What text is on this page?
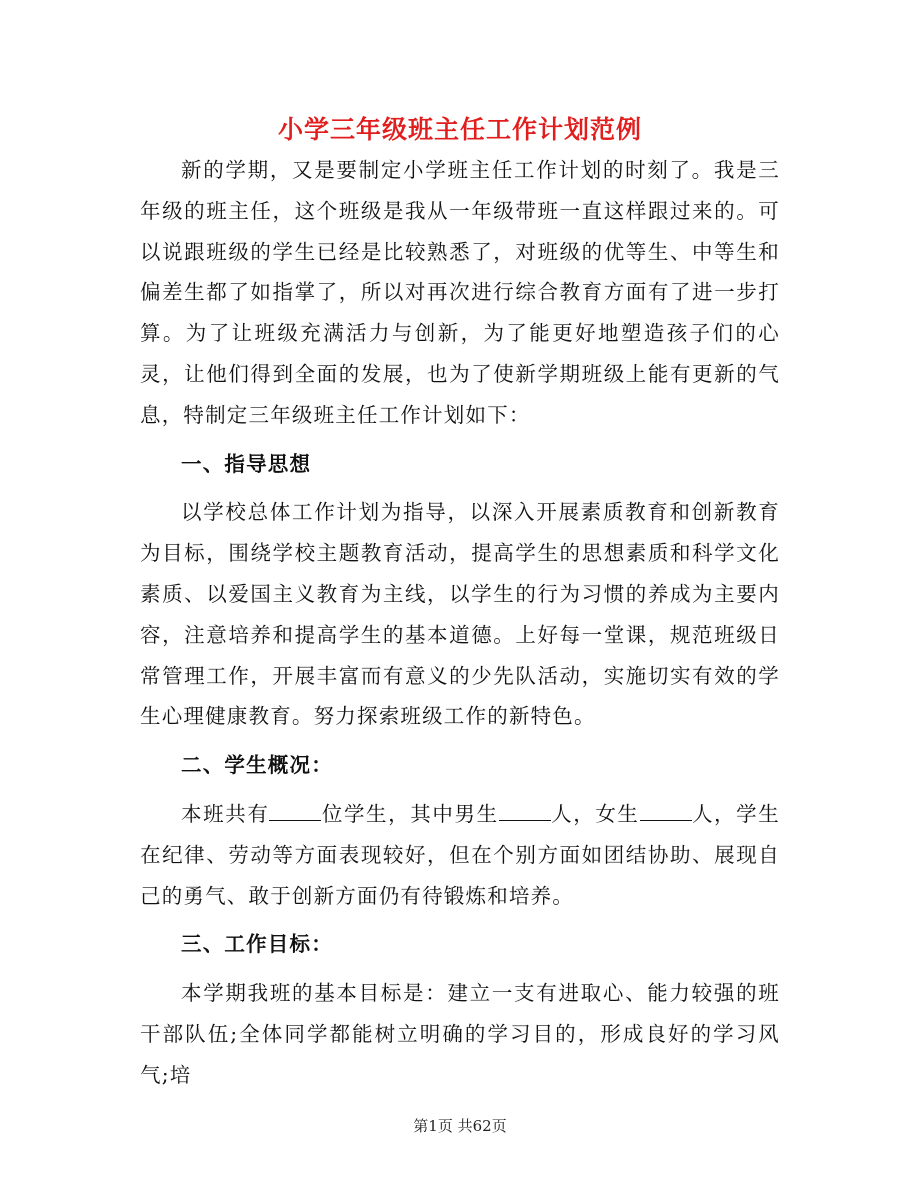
小学三年级班主任工作计划范例

新的学期，又是要制定小学班主任工作计划的时刻了。我是三年级的班主任，这个班级是我从一年级带班一直这样跟过来的。可以说跟班级的学生已经是比较熟悉了，对班级的优等生、中等生和偏差生都了如指掌了，所以对再次进行综合教育方面有了进一步打算。为了让班级充满活力与创新，为了能更好地塑造孩子们的心灵，让他们得到全面的发展，也为了使新学期班级上能有更新的气息，特制定三年级班主任工作计划如下：

一、指导思想

以学校总体工作计划为指导，以深入开展素质教育和创新教育为目标，围绕学校主题教育活动，提高学生的思想素质和科学文化素质、以爱国主义教育为主线，以学生的行为习惯的养成为主要内容，注意培养和提高学生的基本道德。上好每一堂课，规范班级日常管理工作，开展丰富而有意义的少先队活动，实施切实有效的学生心理健康教育。努力探索班级工作的新特色。

二、学生概况：

本班共有	位学生，其中男生	人，女生	人，学生在纪律、劳动等方面表现较好，但在个别方面如团结协助、展现自己的勇气、敢于创新方面仍有待锻炼和培养。

三、工作目标：

本学期我班的基本目标是：建立一支有进取心、能力较强的班干部队伍;全体同学都能树立明确的学习目的，形成良好的学习风气;培

第1页 共62页
